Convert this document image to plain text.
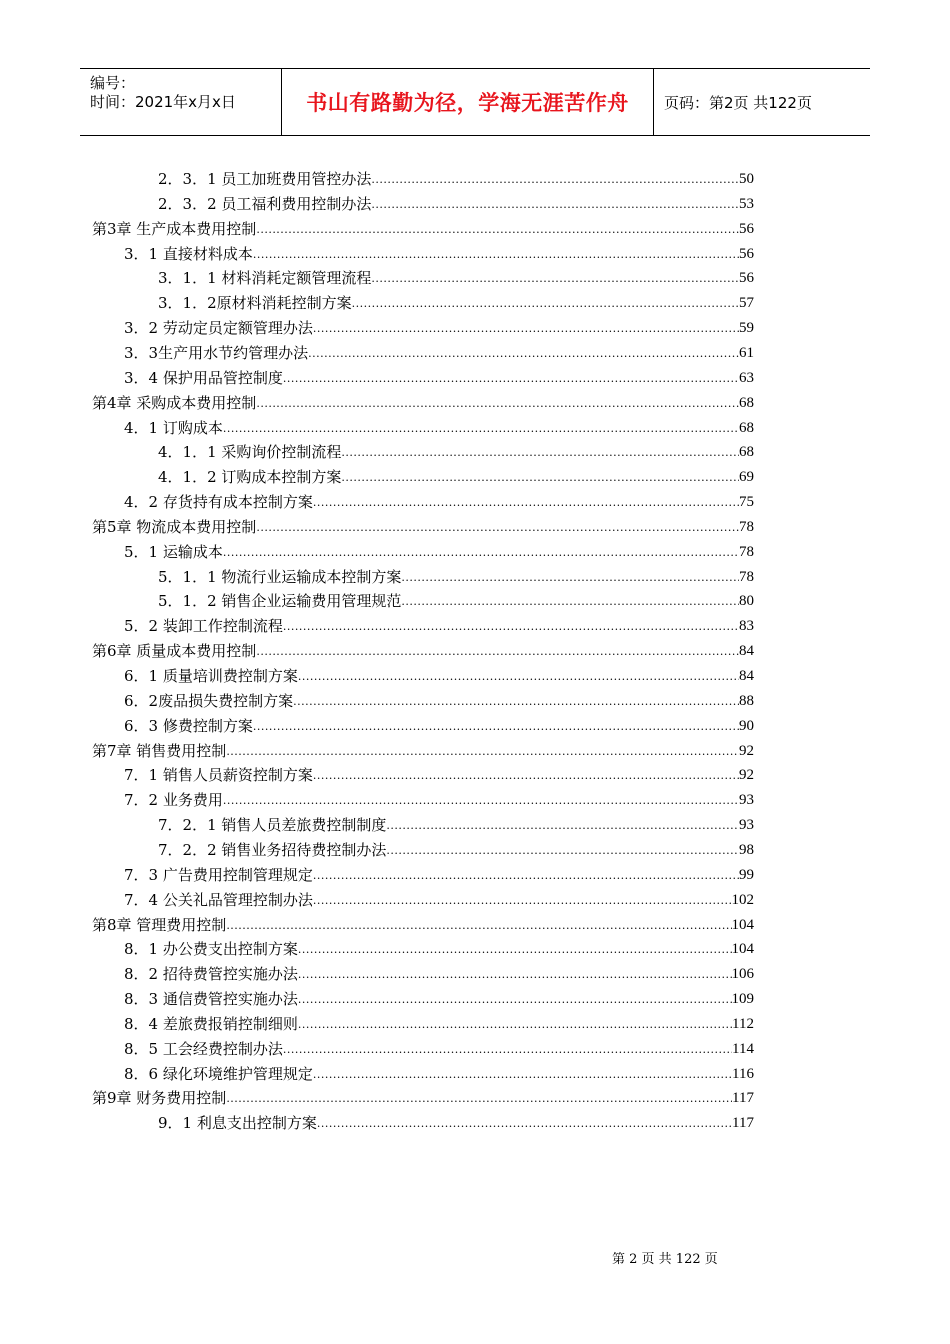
编号：
时间：2021年x月x日	书山有路勤为径，学海无涯苦作舟 页码：第2页 共122页
2．3．1 员工加班费用管控办法 .....	50
2．3．2 员工福利费用控制办法 .....	53
第3章 生产成本费用控制 .....	56
3．1 直接材料成本 .....	56
3．1．1 材料消耗定额管理流程 .....	56
3．1．2原材料消耗控制方案 .....	57
3．2 劳动定员定额管理办法 .....	59
3．3生产用水节约管理办法 .....	61
3．4 保护用品管控制度 .....	63
第4章 采购成本费用控制 .....	68
4．1 订购成本 .....	68
4．1．1 采购询价控制流程 .....	68
4．1．2 订购成本控制方案 .....	69
4．2 存货持有成本控制方案 .....	75
第5章 物流成本费用控制 .....	78
5．1 运输成本 .....	78
5．1．1 物流行业运输成本控制方案 .....	78
5．1．2 销售企业运输费用管理规范 .....	80
5．2 装卸工作控制流程 .....	83
第6章 质量成本费用控制 .....	84
6．1 质量培训费控制方案 .....	84
6．2废品损失费控制方案 .....	88
6．3 修费控制方案 .....	90
第7章 销售费用控制 .....	92
7．1 销售人员薪资控制方案 .....	92
7．2 业务费用 .....	93
7．2．1 销售人员差旅费控制制度 .....	93
7．2．2 销售业务招待费控制办法 .....	98
7．3 广告费用控制管理规定 .....	99
7．4 公关礼品管理控制办法 .....	102
第8章 管理费用控制 .....	104
8．1 办公费支出控制方案 .....	104
8．2 招待费管控实施办法 .....	106
8．3 通信费管控实施办法 .....	109
8．4 差旅费报销控制细则 .....	112
8．5 工会经费控制办法 .....	114
8．6 绿化环境维护管理规定 .....	116
第9章 财务费用控制 .....	117
9．1 利息支出控制方案 .....	117
第 2 页 共 122 页
